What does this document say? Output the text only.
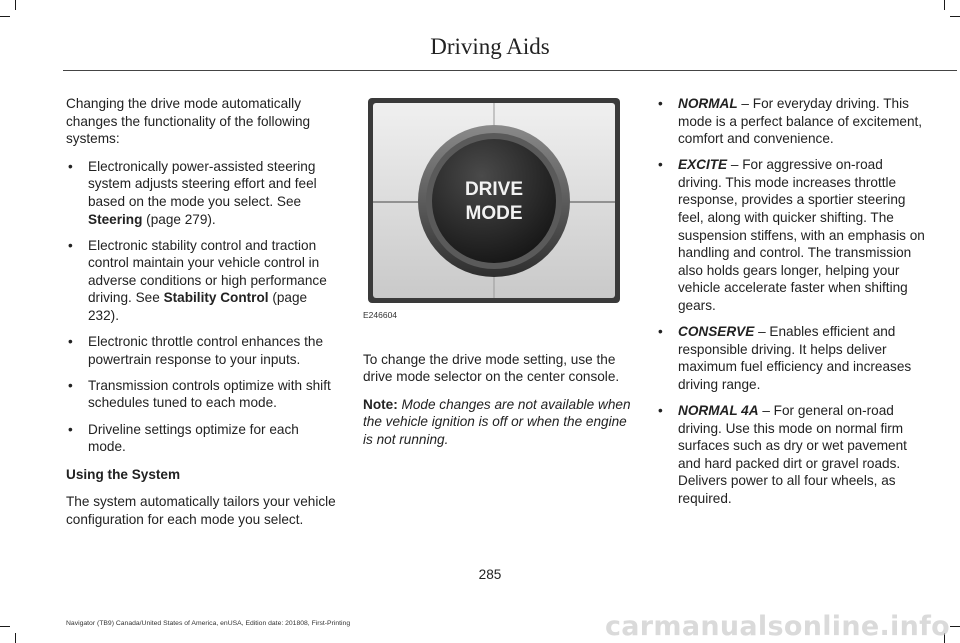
Driving Aids

Changing the drive mode automatically changes the functionality of the following systems:

• Electronically power-assisted steering system adjusts steering effort and feel based on the mode you select. See Steering (page 279).
• Electronic stability control and traction control maintain your vehicle control in adverse conditions or high performance driving. See Stability Control (page 232).
• Electronic throttle control enhances the powertrain response to your inputs.
• Transmission controls optimize with shift schedules tuned to each mode.
• Driveline settings optimize for each mode.

Using the System

The system automatically tailors your vehicle configuration for each mode you select.

DRIVE
MODE
E246604

To change the drive mode setting, use the drive mode selector on the center console.

Note: Mode changes are not available when the vehicle ignition is off or when the engine is not running.

• NORMAL – For everyday driving. This mode is a perfect balance of excitement, comfort and convenience.
• EXCITE – For aggressive on-road driving. This mode increases throttle response, provides a sportier steering feel, along with quicker shifting. The suspension stiffens, with an emphasis on handling and control. The transmission also holds gears longer, helping your vehicle accelerate faster when shifting gears.
• CONSERVE – Enables efficient and responsible driving. It helps deliver maximum fuel efficiency and increases driving range.
• NORMAL 4A – For general on-road driving. Use this mode on normal firm surfaces such as dry or wet pavement and hard packed dirt or gravel roads. Delivers power to all four wheels, as required.
285
Navigator (TB9) Canada/United States of America, enUSA, Edition date: 201808, First-Printing	carmanualsonline.info
